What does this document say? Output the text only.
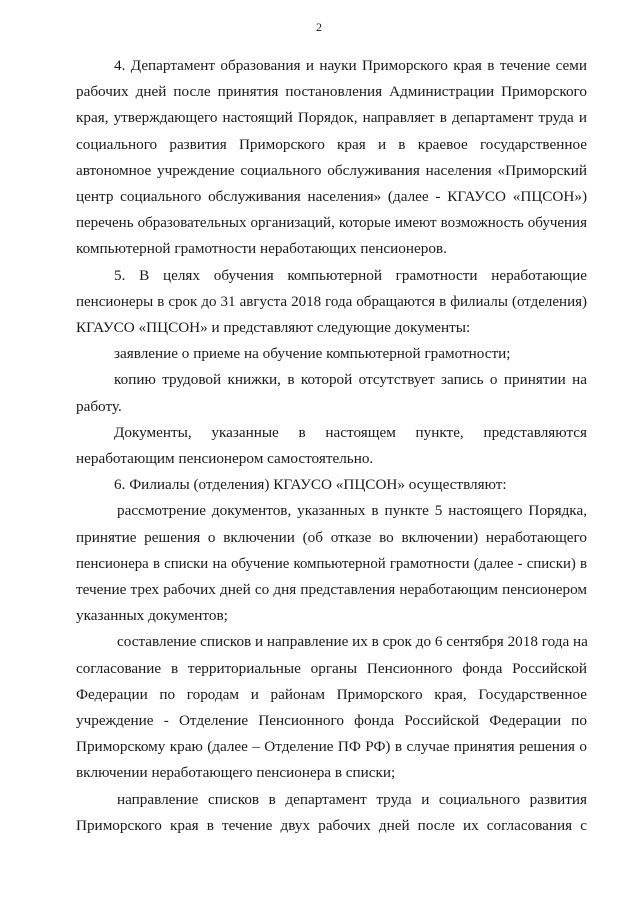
2
4. Департамент образования и науки Приморского края в течение семи
рабочих дней после принятия постановления Администрации Приморского
края, утверждающего настоящий Порядок, направляет в департамент труда и
социального развития Приморского края и в краевое государственное
автономное учреждение социального обслуживания населения «Приморский
центр социального обслуживания населения» (далее - КГАУСО «ПЦСОН»)
перечень образовательных организаций, которые имеют возможность обучения
компьютерной грамотности неработающих пенсионеров.
5. В целях обучения компьютерной грамотности неработающие
пенсионеры в срок до 31 августа 2018 года обращаются в филиалы (отделения)
КГАУСО «ПЦСОН» и представляют следующие документы:
заявление о приеме на обучение компьютерной грамотности;
копию трудовой книжки, в которой отсутствует запись о принятии на
работу.
Документы, указанные в настоящем пункте, представляются
неработающим пенсионером самостоятельно.
6. Филиалы (отделения) КГАУСО «ПЦСОН» осуществляют:
рассмотрение документов, указанных в пункте 5 настоящего Порядка,
принятие решения о включении (об отказе во включении) неработающего
пенсионера в списки на обучение компьютерной грамотности (далее - списки) в
течение трех рабочих дней со дня представления неработающим пенсионером
указанных документов;
составление списков и направление их в срок до 6 сентября 2018 года на
согласование в территориальные органы Пенсионного фонда Российской
Федерации по городам и районам Приморского края, Государственное
учреждение - Отделение Пенсионного фонда Российской Федерации по
Приморскому краю (далее – Отделение ПФ РФ) в случае принятия решения о
включении неработающего пенсионера в списки;
направление списков в департамент труда и социального развития
Приморского края в течение двух рабочих дней после их согласования с
